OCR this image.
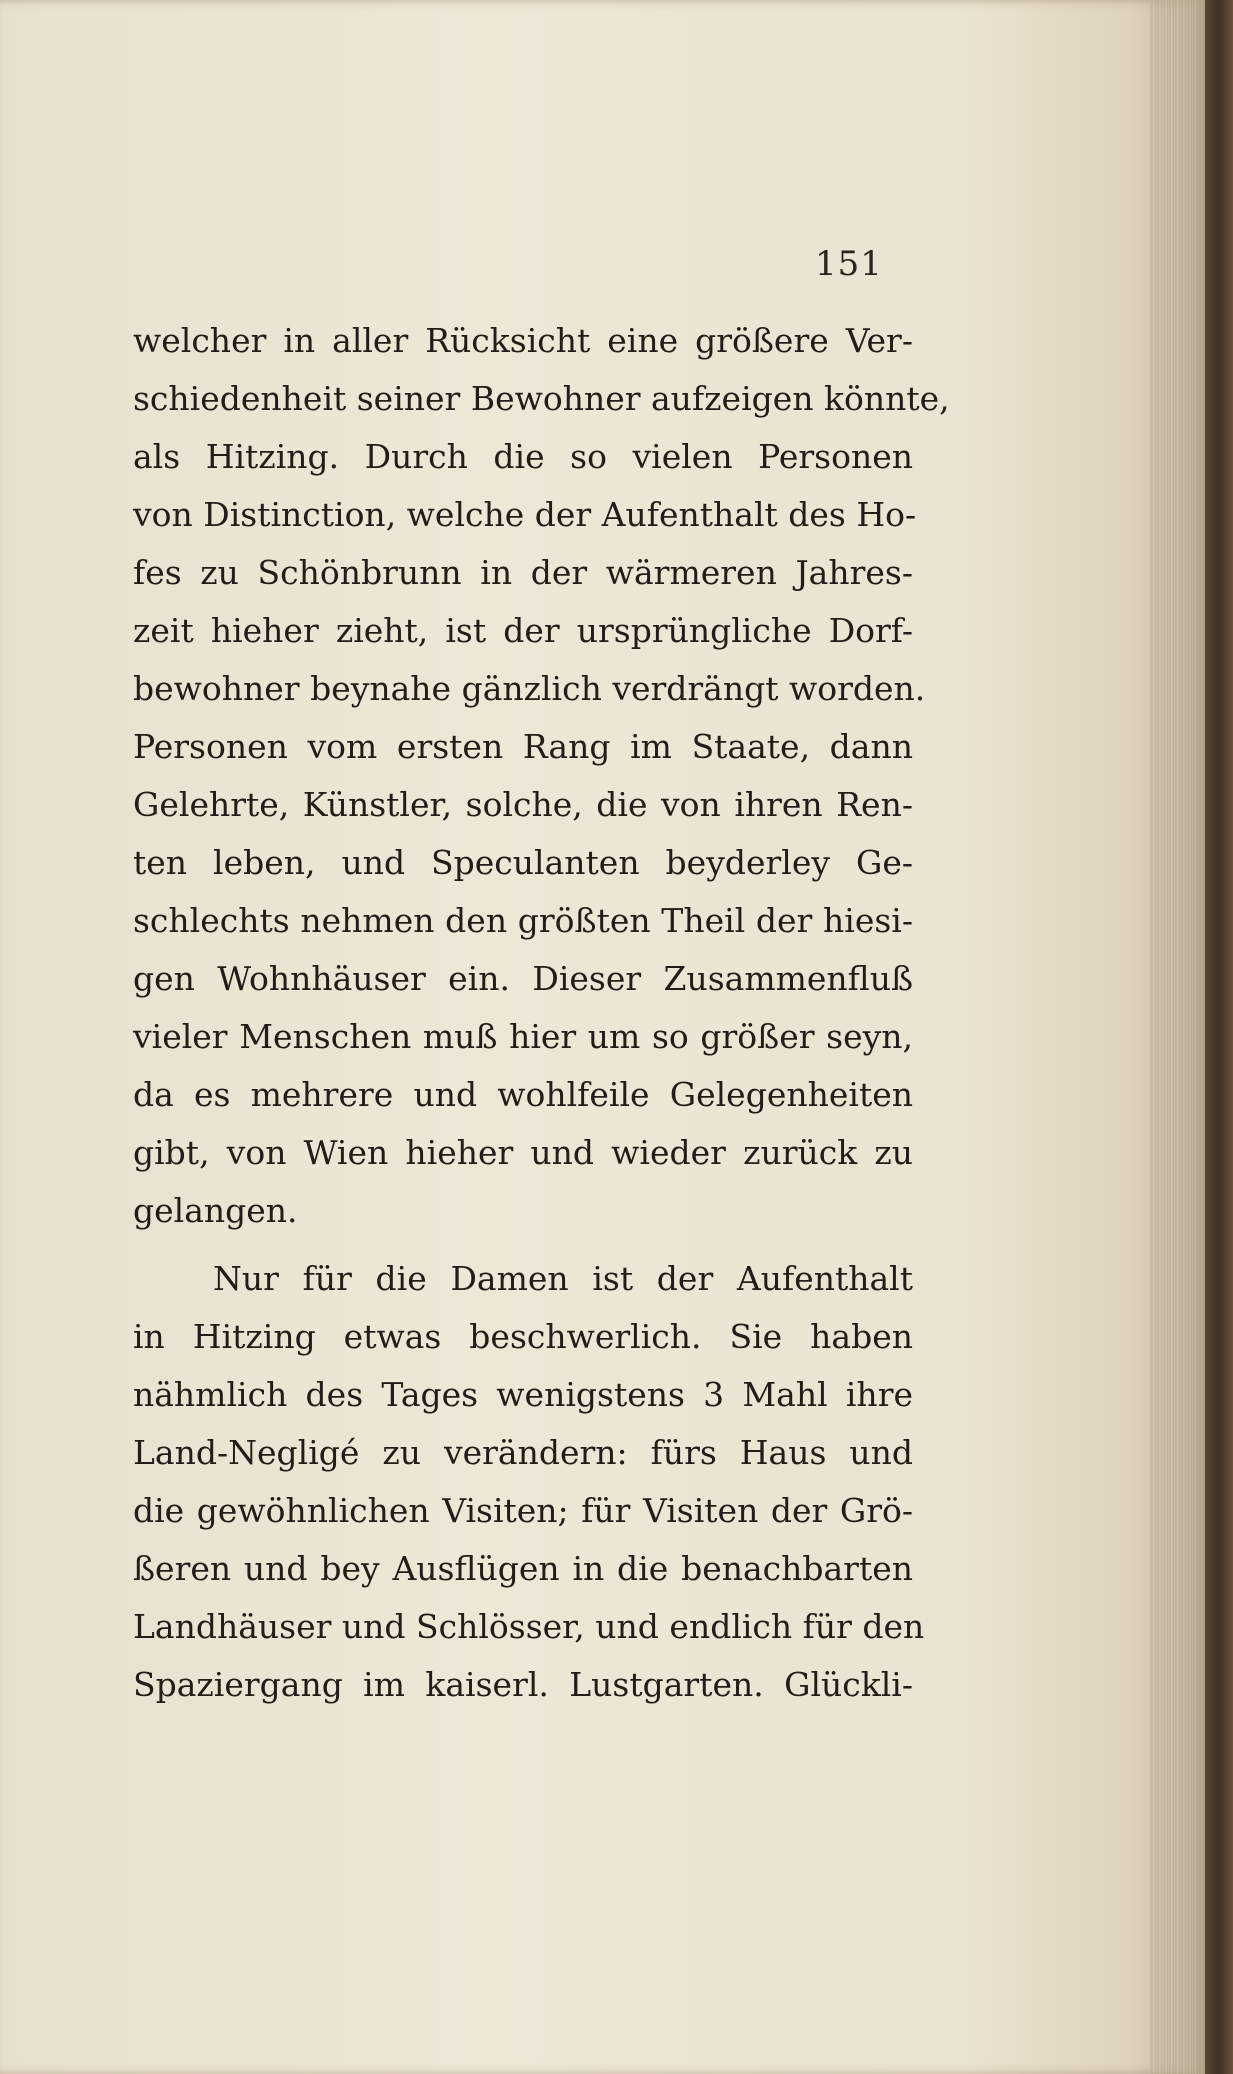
151
welcher in aller Rücksicht eine größere Ver-
schiedenheit seiner Bewohner aufzeigen könnte,
als Hitzing. Durch die so vielen Personen
von Distinction, welche der Aufenthalt des Ho-
fes zu Schönbrunn in der wärmeren Jahres-
zeit hieher zieht, ist der ursprüngliche Dorf-
bewohner beynahe gänzlich verdrängt worden.
Personen vom ersten Rang im Staate, dann
Gelehrte, Künstler, solche, die von ihren Ren-
ten leben, und Speculanten beyderley Ge-
schlechts nehmen den größten Theil der hiesi-
gen Wohnhäuser ein. Dieser Zusammenfluß
vieler Menschen muß hier um so größer seyn,
da es mehrere und wohlfeile Gelegenheiten
gibt, von Wien hieher und wieder zurück zu
gelangen.
Nur für die Damen ist der Aufenthalt
in Hitzing etwas beschwerlich. Sie haben
nähmlich des Tages wenigstens 3 Mahl ihre
Land-Negligé zu verändern: fürs Haus und
die gewöhnlichen Visiten; für Visiten der Grö-
ßeren und bey Ausflügen in die benachbarten
Landhäuser und Schlösser, und endlich für den
Spaziergang im kaiserl. Lustgarten. Glückli-
